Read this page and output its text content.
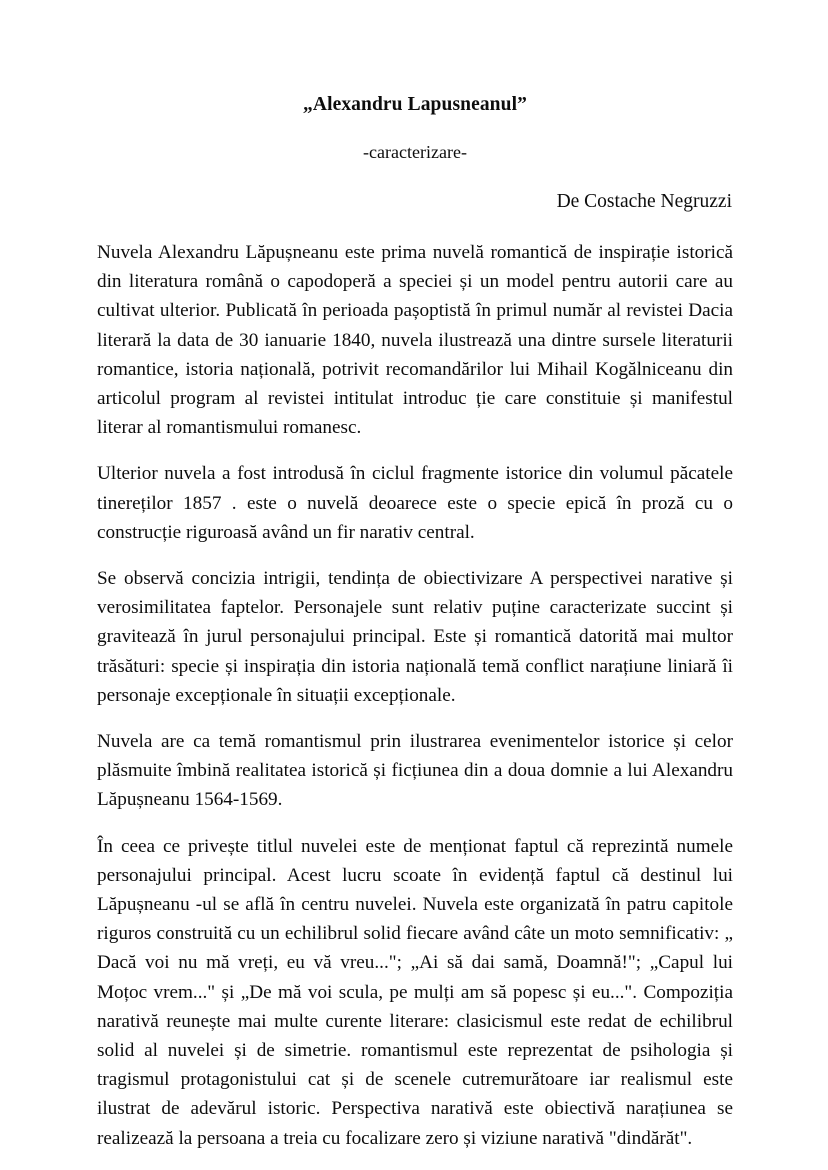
„Alexandru Lapusneanul”
-caracterizare-
De Costache Negruzzi

Nuvela Alexandru Lăpușneanu este prima nuvelă romantică de inspirație istorică din literatura română o capodoperă a speciei și un model pentru autorii care au cultivat ulterior. Publicată în perioada pașoptistă în primul număr al revistei Dacia literară la data de 30 ianuarie 1840, nuvela ilustrează una dintre sursele literaturii romantice, istoria națională, potrivit recomandărilor lui Mihail Kogălniceanu din articolul program al revistei intitulat introduc ție care constituie și manifestul literar al romantismului romanesc.

Ulterior nuvela a fost introdusă în ciclul fragmente istorice din volumul păcatele tinereților 1857 . este o nuvelă deoarece este o specie epică în proză cu o construcție riguroasă având un fir narativ central.

Se observă concizia intrigii, tendința de obiectivizare A perspectivei narative și verosimilitatea faptelor. Personajele sunt relativ puține caracterizate succint și gravitează în jurul personajului principal. Este și romantică datorită mai multor trăsături: specie și inspirația din istoria națională temă conflict narațiune liniară îi personaje excepționale în situații excepționale.

Nuvela are ca temă romantismul prin ilustrarea evenimentelor istorice și celor plăsmuite îmbină realitatea istorică și ficțiunea din a doua domnie a lui Alexandru Lăpușneanu 1564-1569.

În ceea ce privește titlul nuvelei este de menționat faptul că reprezintă numele personajului principal. Acest lucru scoate în evidență faptul că destinul lui Lăpușneanu -ul se află în centru nuvelei. Nuvela este organizată în patru capitole riguros construită cu un echilibrul solid fiecare având câte un moto semnificativ: „ Dacă voi nu mă vreți, eu vă vreu..."; „Ai să dai samă, Doamnă!"; „Capul lui Moțoc vrem..." și „De mă voi scula, pe mulți am să popesc și eu...". Compoziția narativă reunește mai multe curente literare: clasicismul este redat de echilibrul solid al nuvelei și de simetrie. romantismul este reprezentat de psihologia și tragismul protagonistului cat și de scenele cutremurătoare iar realismul este ilustrat de adevărul istoric. Perspectiva narativă este obiectivă narațiunea se realizează la persoana a treia cu focalizare zero și viziune narativă "dindărăt".
